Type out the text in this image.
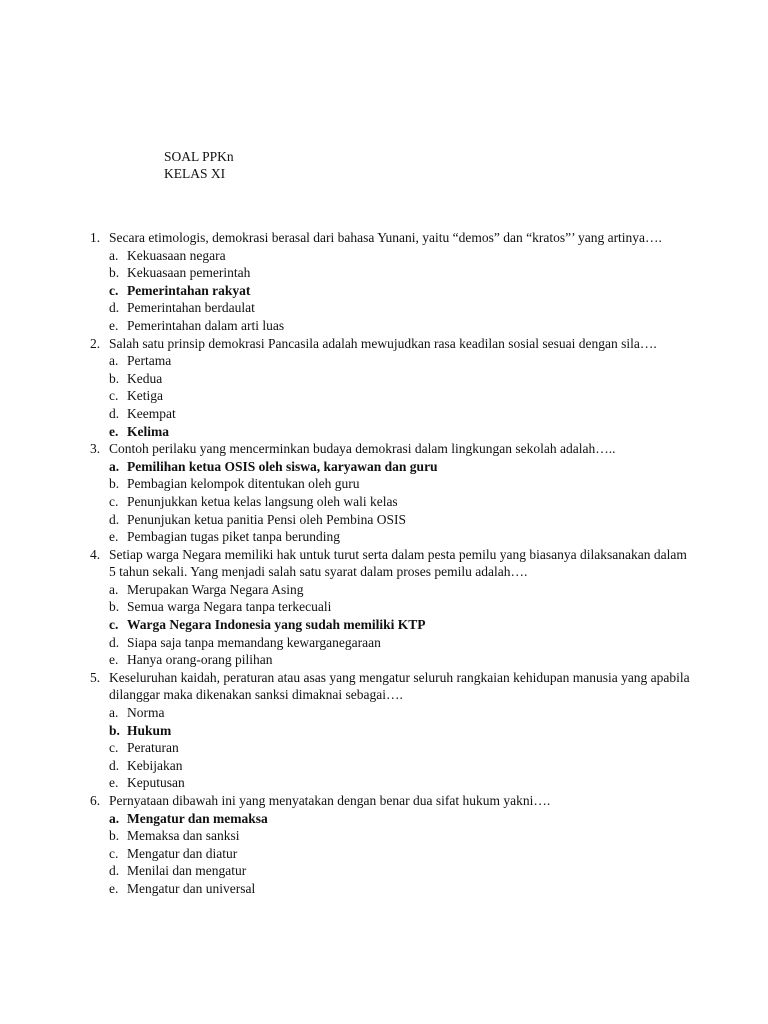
SOAL PPKn
KELAS XI
1. Secara etimologis, demokrasi berasal dari bahasa Yunani, yaitu “demos” dan “kratos”’ yang artinya….
a. Kekuasaan negara
b. Kekuasaan pemerintah
c. Pemerintahan rakyat
d. Pemerintahan berdaulat
e. Pemerintahan dalam arti luas
2. Salah satu prinsip demokrasi Pancasila adalah mewujudkan rasa keadilan sosial sesuai dengan sila….
a. Pertama
b. Kedua
c. Ketiga
d. Keempat
e. Kelima
3. Contoh perilaku yang mencerminkan budaya demokrasi dalam lingkungan sekolah adalah…..
a. Pemilihan ketua OSIS oleh siswa, karyawan dan guru
b. Pembagian kelompok ditentukan oleh guru
c. Penunjukkan ketua kelas langsung oleh wali kelas
d. Penunjukan ketua panitia Pensi oleh Pembina OSIS
e. Pembagian tugas piket tanpa berunding
4. Setiap warga Negara memiliki hak untuk turut serta dalam pesta pemilu yang biasanya dilaksanakan dalam 5 tahun sekali. Yang menjadi salah satu syarat dalam proses pemilu adalah….
a. Merupakan Warga Negara Asing
b. Semua warga Negara tanpa terkecuali
c. Warga Negara Indonesia yang sudah memiliki KTP
d. Siapa saja tanpa memandang kewarganegaraan
e. Hanya orang-orang pilihan
5. Keseluruhan kaidah, peraturan atau asas yang mengatur seluruh rangkaian kehidupan manusia yang apabila dilanggar maka dikenakan sanksi dimaknai sebagai….
a. Norma
b. Hukum
c. Peraturan
d. Kebijakan
e. Keputusan
6. Pernyataan dibawah ini yang menyatakan dengan benar dua sifat hukum yakni….
a. Mengatur dan memaksa
b. Memaksa dan sanksi
c. Mengatur dan diatur
d. Menilai dan mengatur
e. Mengatur dan universal
